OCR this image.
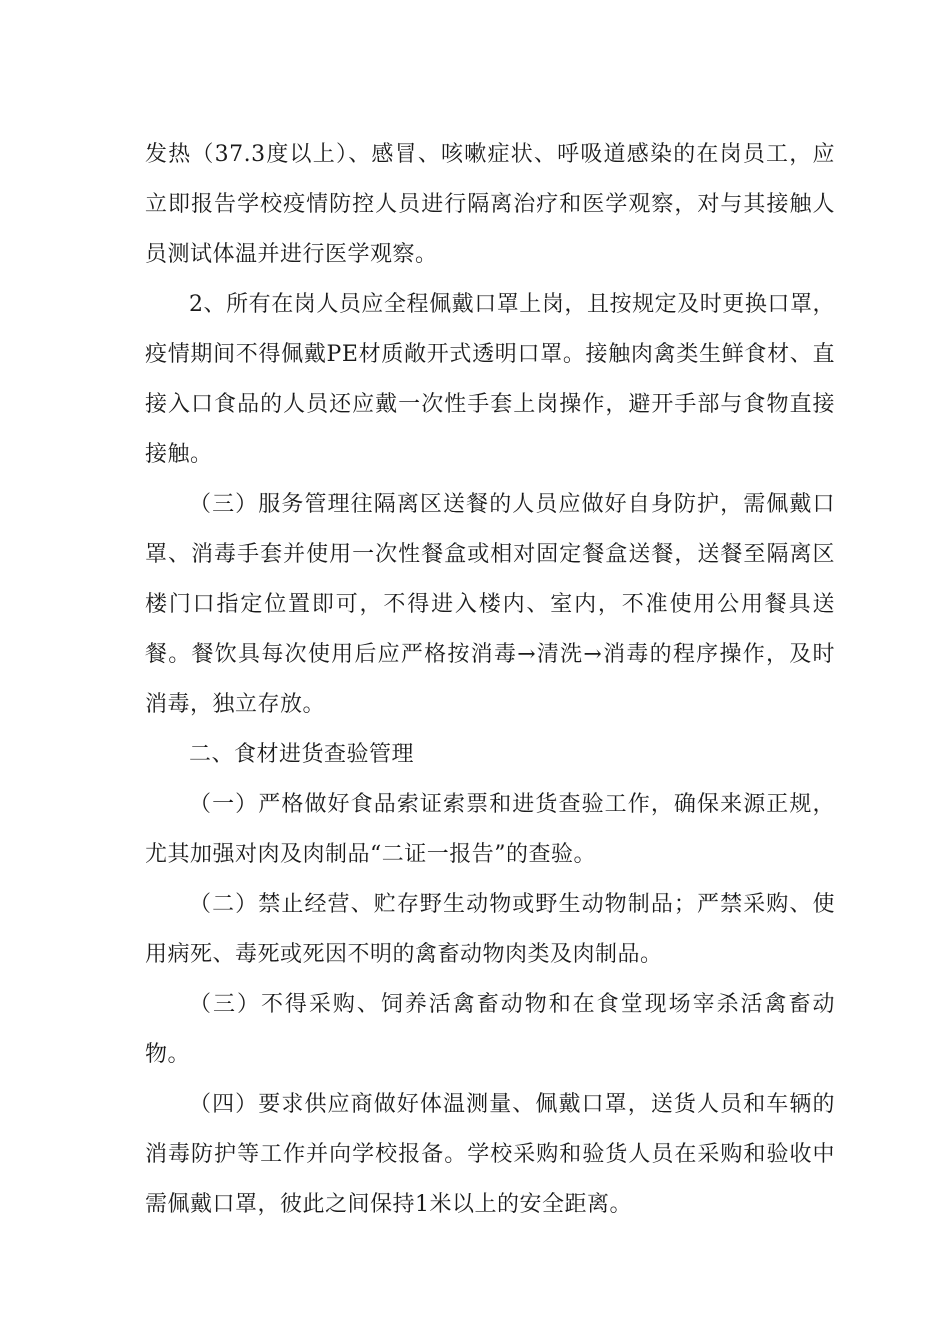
发热（37.3度以上）、感冒、咳嗽症状、呼吸道感染的在岗员工，应立即报告学校疫情防控人员进行隔离治疗和医学观察，对与其接触人员测试体温并进行医学观察。

2、所有在岗人员应全程佩戴口罩上岗，且按规定及时更换口罩，疫情期间不得佩戴PE材质敞开式透明口罩。接触肉禽类生鲜食材、直接入口食品的人员还应戴一次性手套上岗操作，避开手部与食物直接接触。

（三）服务管理往隔离区送餐的人员应做好自身防护，需佩戴口罩、消毒手套并使用一次性餐盒或相对固定餐盒送餐，送餐至隔离区楼门口指定位置即可，不得进入楼内、室内，不准使用公用餐具送餐。餐饮具每次使用后应严格按消毒→清洗→消毒的程序操作，及时消毒，独立存放。

二、食材进货查验管理

（一）严格做好食品索证索票和进货查验工作，确保来源正规，尤其加强对肉及肉制品“二证一报告”的查验。

（二）禁止经营、贮存野生动物或野生动物制品；严禁采购、使用病死、毒死或死因不明的禽畜动物肉类及肉制品。

（三）不得采购、饲养活禽畜动物和在食堂现场宰杀活禽畜动物。

（四）要求供应商做好体温测量、佩戴口罩，送货人员和车辆的消毒防护等工作并向学校报备。学校采购和验货人员在采购和验收中需佩戴口罩，彼此之间保持1米以上的安全距离。
